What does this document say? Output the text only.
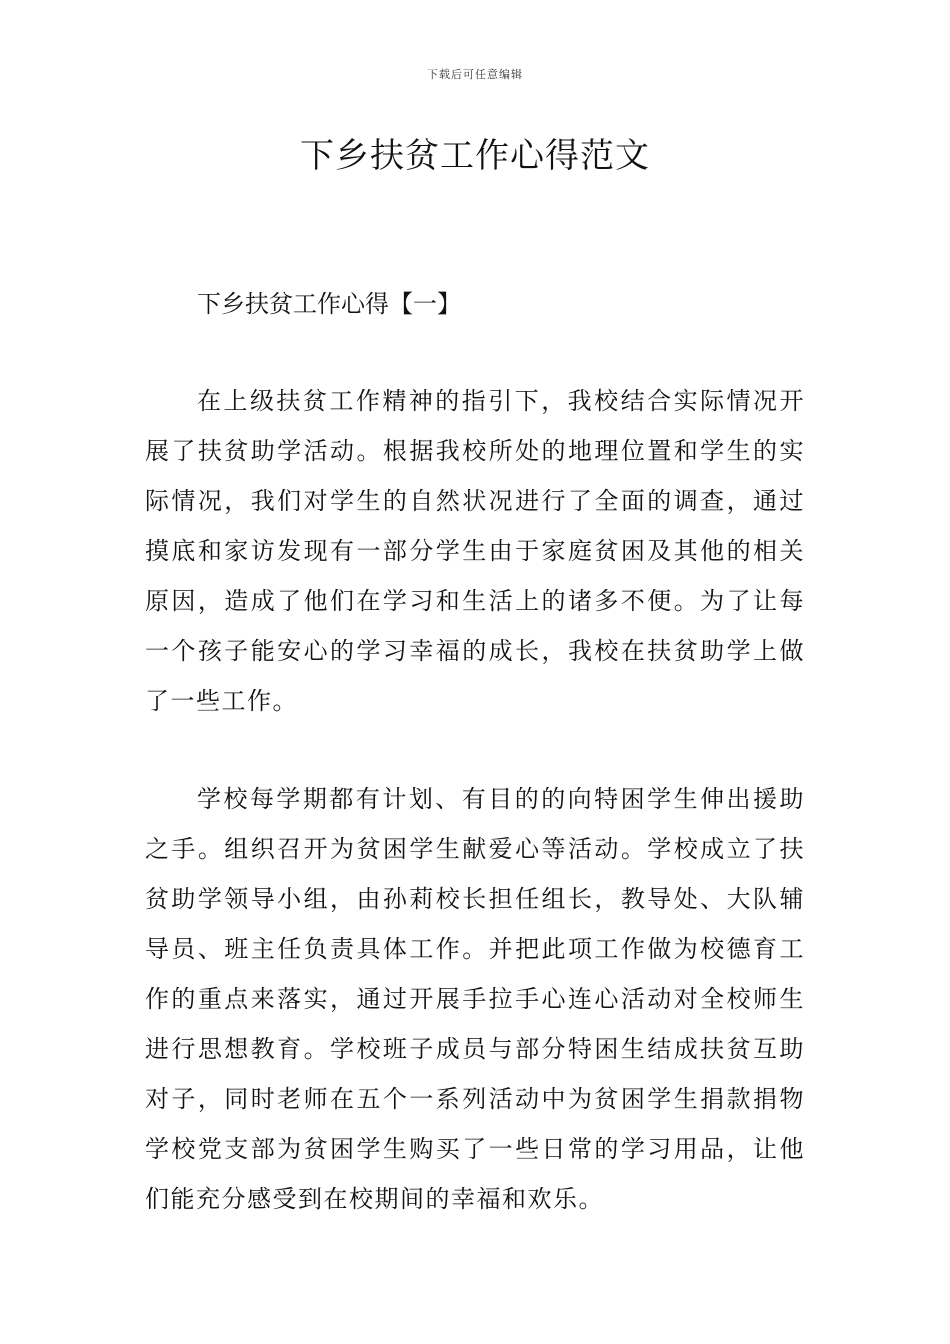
下载后可任意编辑
下乡扶贫工作心得范文
下乡扶贫工作心得【一】

在上级扶贫工作精神的指引下，我校结合实际情况开展了扶贫助学活动。根据我校所处的地理位置和学生的实际情况，我们对学生的自然状况进行了全面的调查，通过摸底和家访发现有一部分学生由于家庭贫困及其他的相关原因，造成了他们在学习和生活上的诸多不便。为了让每一个孩子能安心的学习幸福的成长，我校在扶贫助学上做了一些工作。

学校每学期都有计划、有目的的向特困学生伸出援助之手。组织召开为贫困学生献爱心等活动。学校成立了扶贫助学领导小组，由孙莉校长担任组长，教导处、大队辅导员、班主任负责具体工作。并把此项工作做为校德育工作的重点来落实，通过开展手拉手心连心活动对全校师生进行思想教育。学校班子成员与部分特困生结成扶贫互助对子，同时老师在五个一系列活动中为贫困学生捐款捐物学校党支部为贫困学生购买了一些日常的学习用品，让他们能充分感受到在校期间的幸福和欢乐。
